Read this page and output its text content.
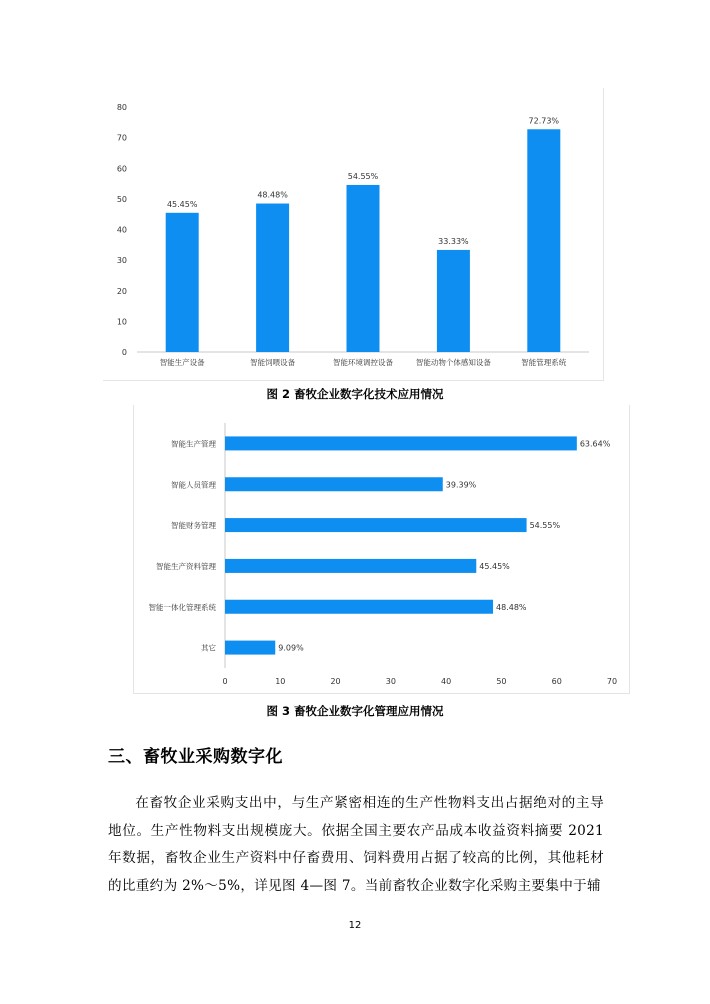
0
10
20
30
40
50
60
70
80
45.45%
智能生产设备
48.48%
智能饲喂设备
54.55%
智能环境调控设备
33.33%
智能动物个体感知设备
72.73%
智能管理系统
图 2 畜牧企业数字化技术应用情况
0	10	20	30	40	50	60	70
63.64%
智能生产管理
39.39%
智能人员管理
54.55%
智能财务管理
45.45%
智能生产资料管理
48.48%
智能一体化管理系统
9.09%
其它
图 3 畜牧企业数字化管理应用情况
三、畜牧业采购数字化

在畜牧企业采购支出中，与生产紧密相连的生产性物料支出占据绝对的主导地位。生产性物料支出规模庞大。依据全国主要农产品成本收益资料摘要 2021 年数据，畜牧企业生产资料中仔畜费用、饲料费用占据了较高的比例，其他耗材的比重约为 2%～5%，详见图 4—图 7。当前畜牧企业数字化采购主要集中于辅

12
